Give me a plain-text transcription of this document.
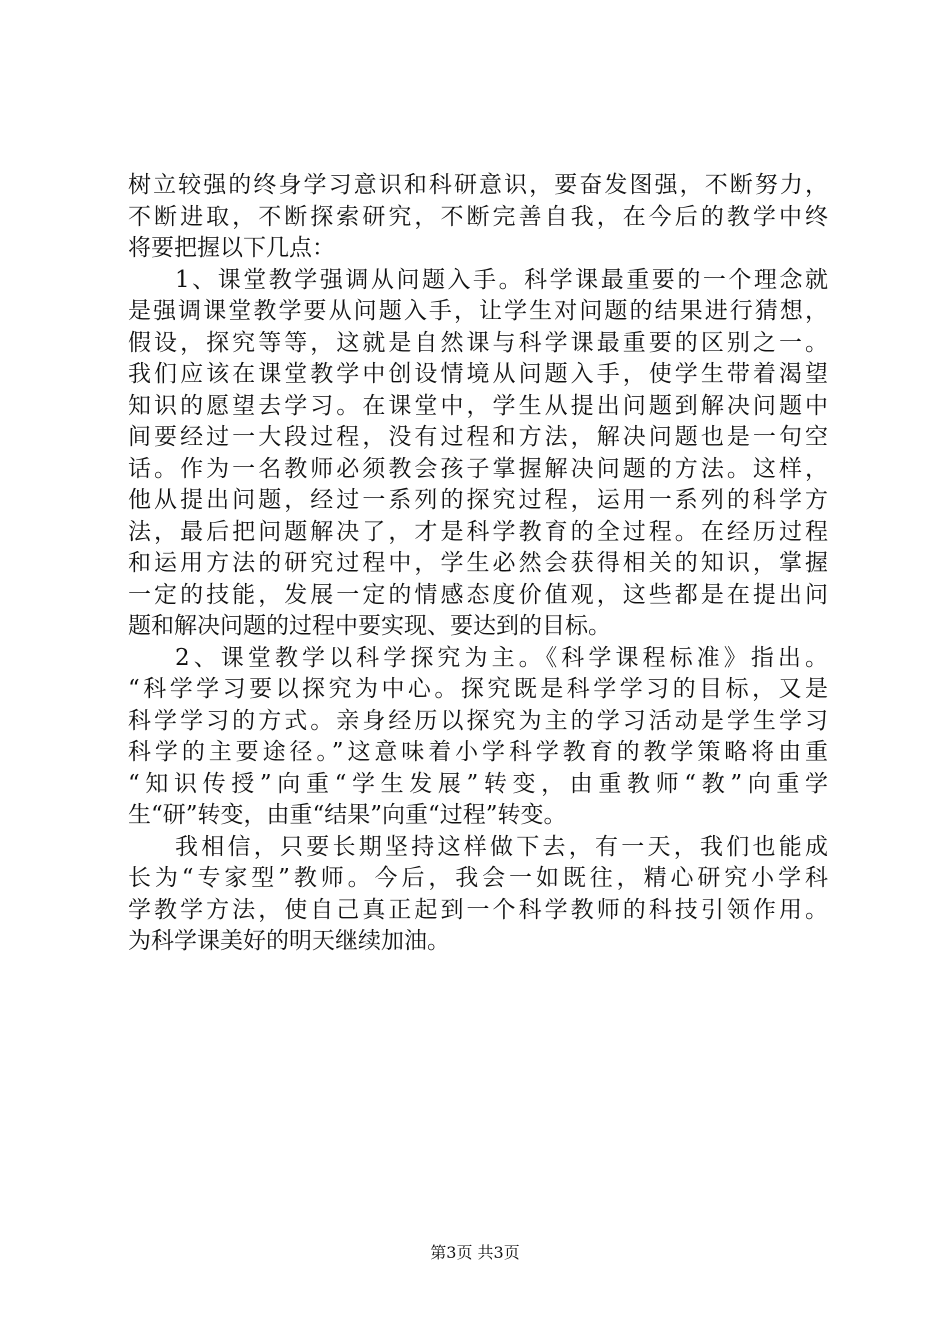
树立较强的终身学习意识和科研意识，要奋发图强，不断努力，
不断进取，不断探索研究，不断完善自我，在今后的教学中终
将要把握以下几点：
1、课堂教学强调从问题入手。科学课最重要的一个理念就
是强调课堂教学要从问题入手，让学生对问题的结果进行猜想，
假设，探究等等，这就是自然课与科学课最重要的区别之一。
我们应该在课堂教学中创设情境从问题入手，使学生带着渴望
知识的愿望去学习。在课堂中，学生从提出问题到解决问题中
间要经过一大段过程，没有过程和方法，解决问题也是一句空
话。作为一名教师必须教会孩子掌握解决问题的方法。这样，
他从提出问题，经过一系列的探究过程，运用一系列的科学方
法，最后把问题解决了，才是科学教育的全过程。在经历过程
和运用方法的研究过程中，学生必然会获得相关的知识，掌握
一定的技能，发展一定的情感态度价值观，这些都是在提出问
题和解决问题的过程中要实现、要达到的目标。
2、课堂教学以科学探究为主。《科学课程标准》指出。
“科学学习要以探究为中心。探究既是科学学习的目标，又是
科学学习的方式。亲身经历以探究为主的学习活动是学生学习
科学的主要途径。”这意味着小学科学教育的教学策略将由重
“知识传授”向重“学生发展”转变，由重教师“教”向重学
生“研”转变，由重“结果”向重“过程”转变。
我相信，只要长期坚持这样做下去，有一天，我们也能成
长为“专家型”教师。今后，我会一如既往，精心研究小学科
学教学方法，使自己真正起到一个科学教师的科技引领作用。
为科学课美好的明天继续加油。
第3页 共3页
